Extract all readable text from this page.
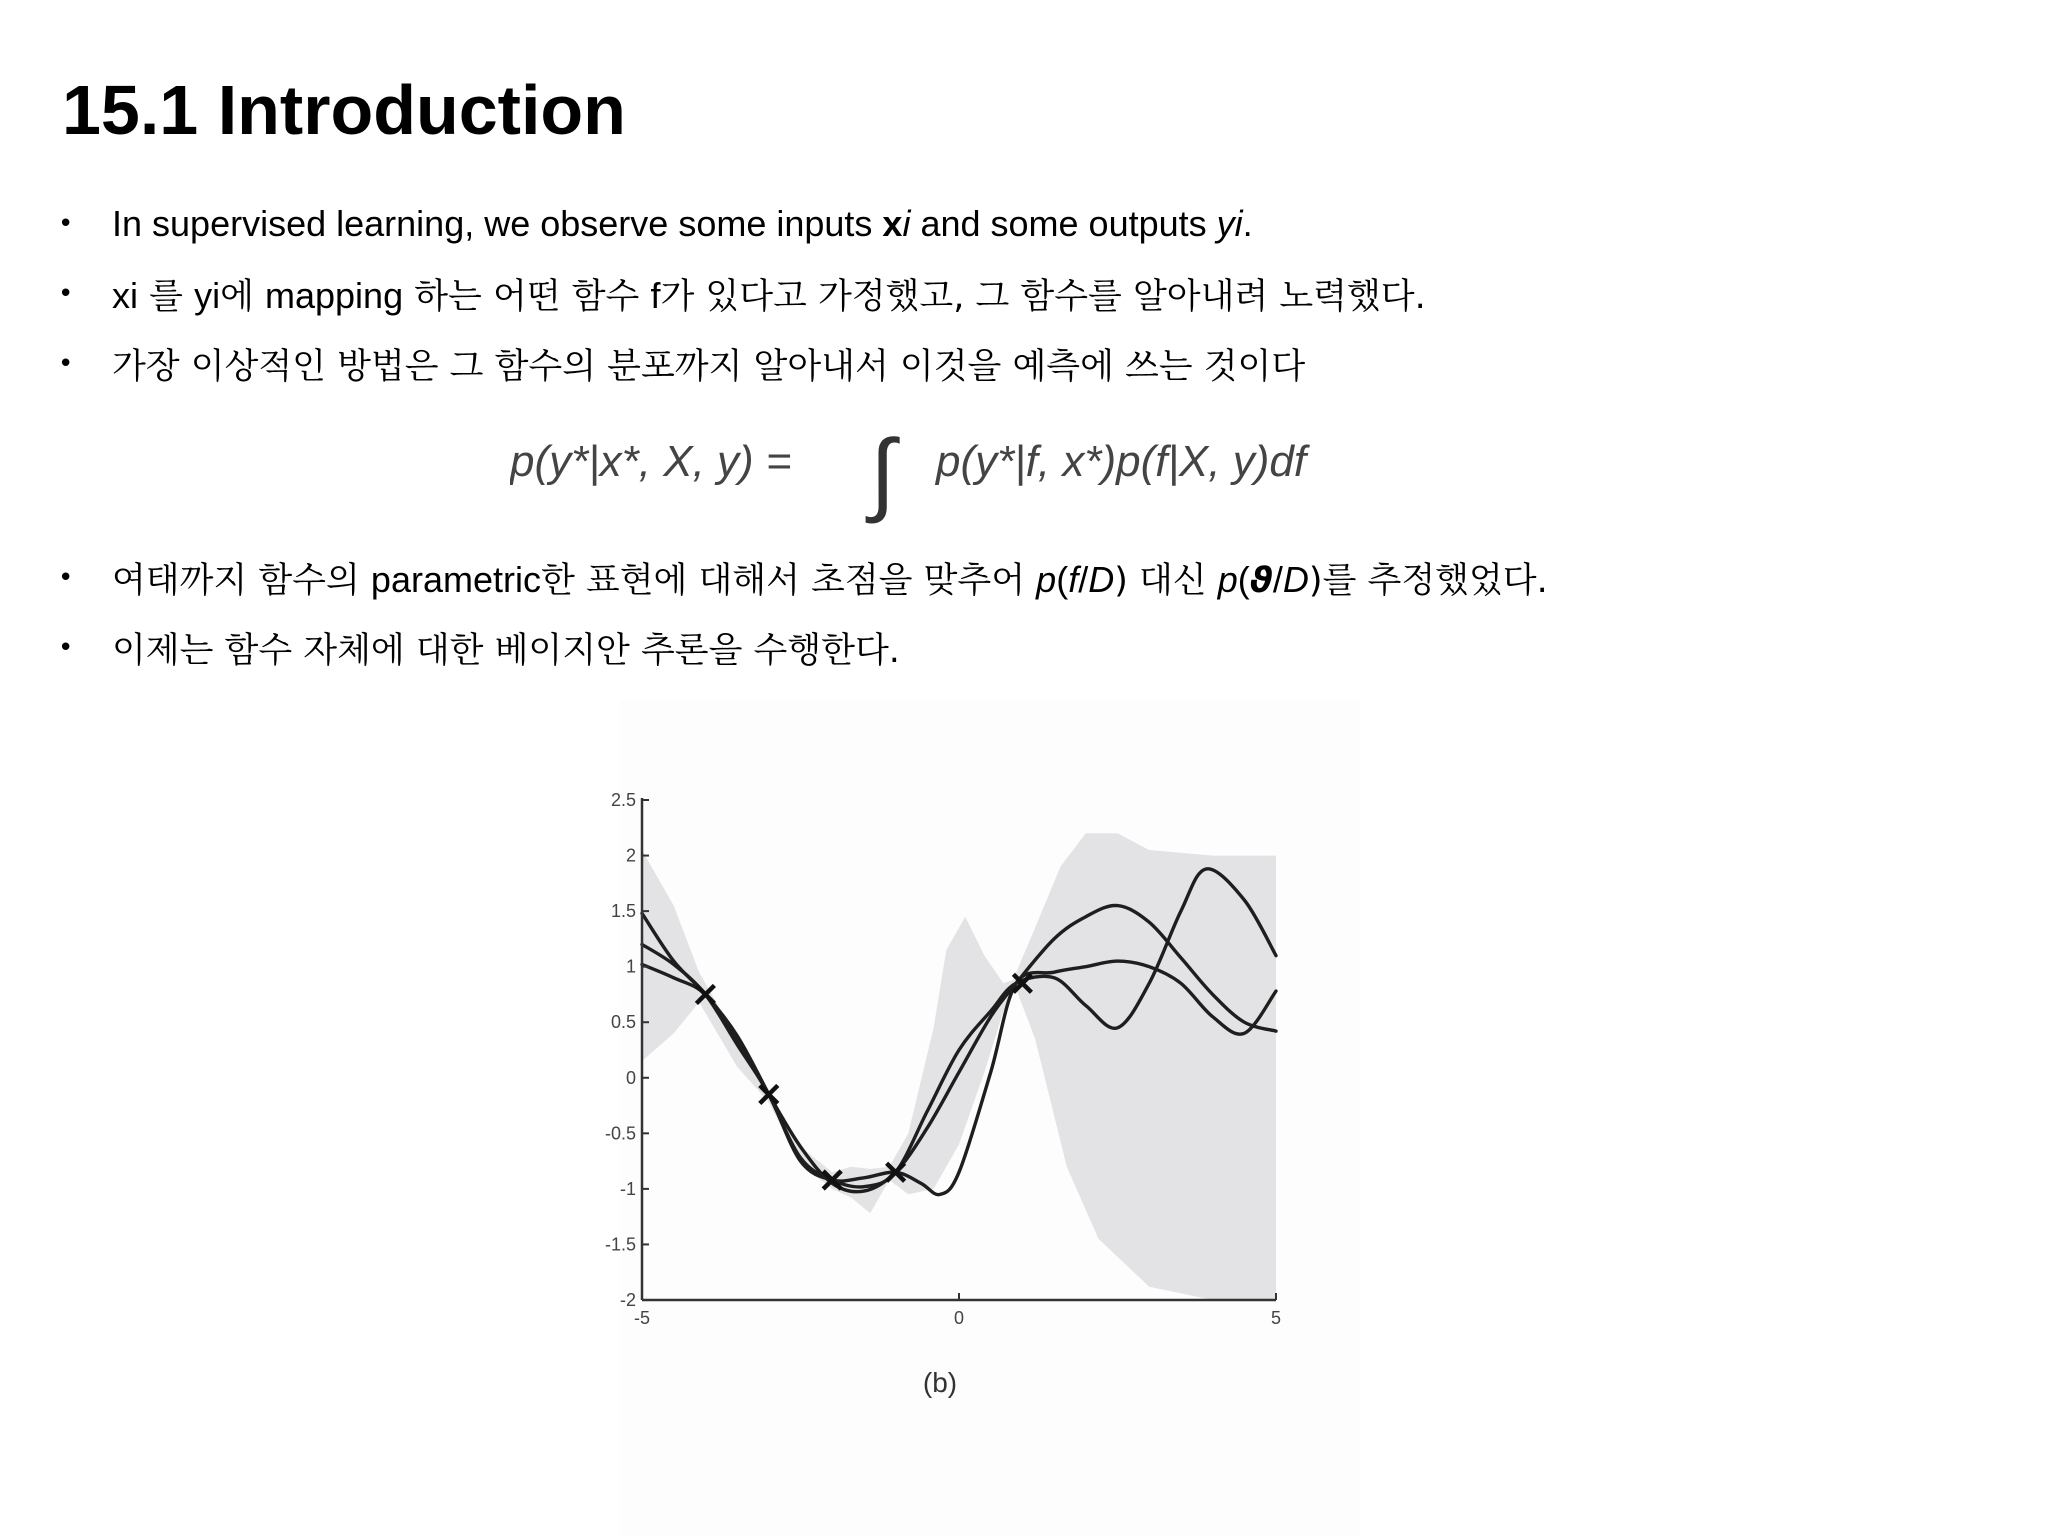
15.1 Introduction
•	In supervised learning, we observe some inputs xi and some outputs yi.
•	xi 를 yi에 mapping 하는 어떤 함수 f가 있다고 가정했고, 그 함수를 알아내려 노력했다.
•	가장 이상적인 방법은 그 함수의 분포까지 알아내서 이것을 예측에 쓰는 것이다
p(y*|x*, X, y) = ∫ p(y*|f, x*)p(f|X, y)df
•	여태까지 함수의 parametric한 표현에 대해서 초점을 맞추어 p(f/D) 대신 p(ϑ/D)를 추정했었다.
•	이제는 함수 자체에 대한 베이지안 추론을 수행한다.
2.5
2
1.5
1
0.5
0
-0.5
-1
-1.5
-2
-5	0	5
(b)
